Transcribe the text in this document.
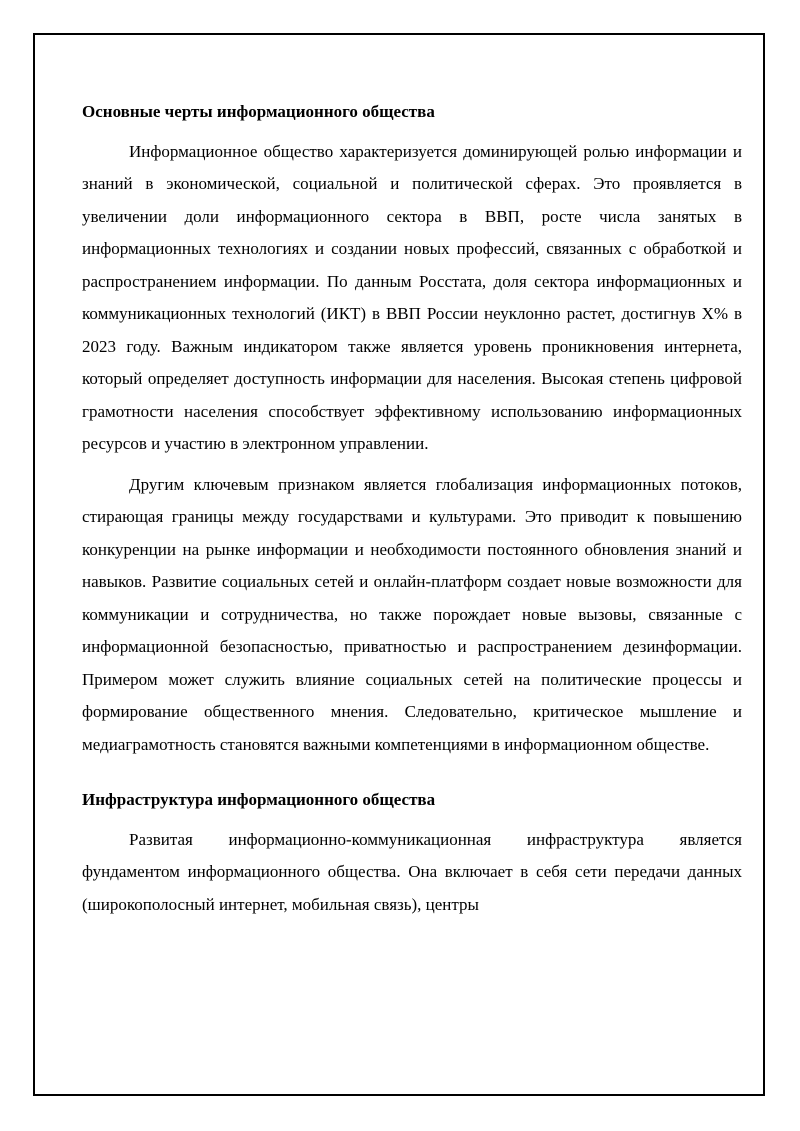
Основные черты информационного общества

Информационное общество характеризуется доминирующей ролью информации и знаний в экономической, социальной и политической сферах. Это проявляется в увеличении доли информационного сектора в ВВП, росте числа занятых в информационных технологиях и создании новых профессий, связанных с обработкой и распространением информации. По данным Росстата, доля сектора информационных и коммуникационных технологий (ИКТ) в ВВП России неуклонно растет, достигнув X% в 2023 году. Важным индикатором также является уровень проникновения интернета, который определяет доступность информации для населения. Высокая степень цифровой грамотности населения способствует эффективному использованию информационных ресурсов и участию в электронном управлении.

Другим ключевым признаком является глобализация информационных потоков, стирающая границы между государствами и культурами. Это приводит к повышению конкуренции на рынке информации и необходимости постоянного обновления знаний и навыков. Развитие социальных сетей и онлайн-платформ создает новые возможности для коммуникации и сотрудничества, но также порождает новые вызовы, связанные с информационной безопасностью, приватностью и распространением дезинформации. Примером может служить влияние социальных сетей на политические процессы и формирование общественного мнения. Следовательно, критическое мышление и медиаграмотность становятся важными компетенциями в информационном обществе.

Инфраструктура информационного общества

Развитая информационно-коммуникационная инфраструктура является фундаментом информационного общества. Она включает в себя сети передачи данных (широкополосный интернет, мобильная связь), центры
